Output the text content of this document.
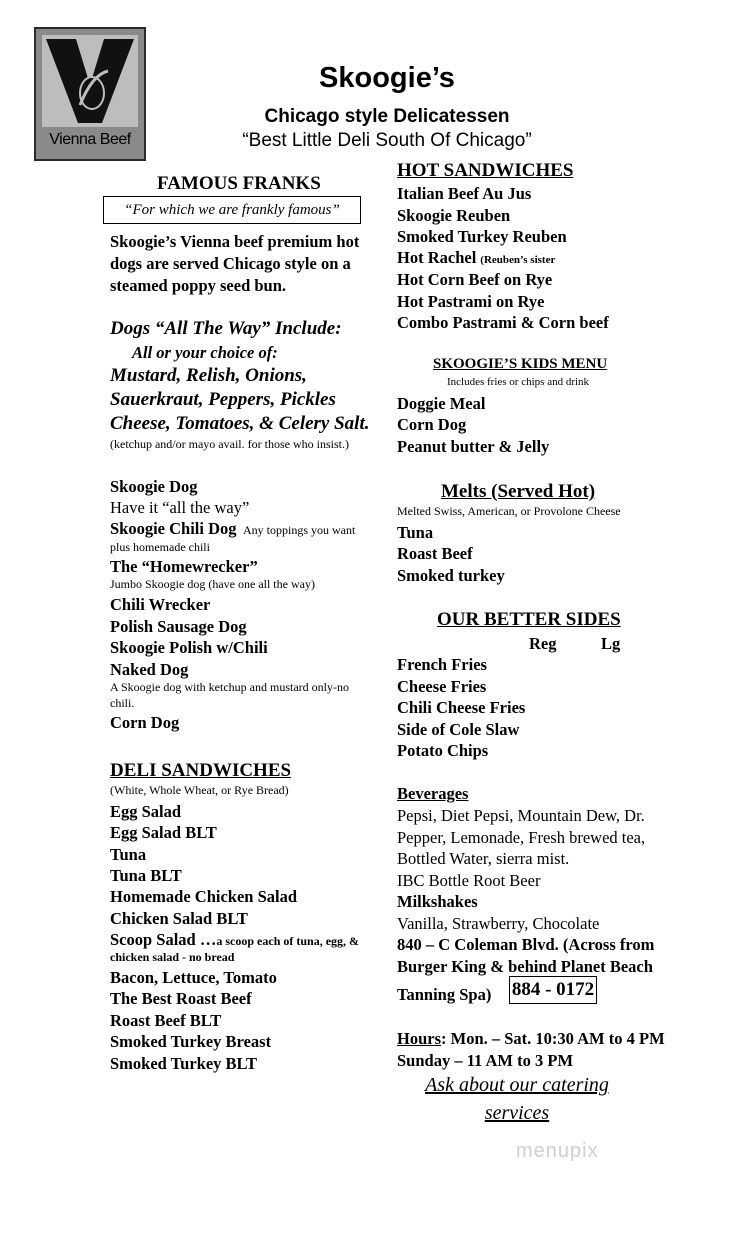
Vienna Beef
Skoogie’s
Chicago style Delicatessen
“Best Little Deli South Of Chicago”
FAMOUS FRANKS
“For which we are frankly famous”
Skoogie’s Vienna beef premium hot
dogs are served Chicago style on a
steamed poppy seed bun.
Dogs “All The Way” Include:
All or your choice of:
Mustard, Relish, Onions,
Sauerkraut, Peppers, Pickles
Cheese, Tomatoes, & Celery Salt.
(ketchup and/or mayo avail. for those who insist.)
Skoogie Dog
Have it “all the way”
Skoogie Chili Dog Any toppings you want
plus homemade chili
The “Homewrecker”
Jumbo Skoogie dog (have one all the way)
Chili Wrecker
Polish Sausage Dog
Skoogie Polish w/Chili
Naked Dog
A Skoogie dog with ketchup and mustard only-no
chili.
Corn Dog
DELI SANDWICHES
(White, Whole Wheat, or Rye Bread)
Egg Salad
Egg Salad BLT
Tuna
Tuna BLT
Homemade Chicken Salad
Chicken Salad BLT
Scoop Salad …a scoop each of tuna, egg, &
chicken salad - no bread
Bacon, Lettuce, Tomato
The Best Roast Beef
Roast Beef BLT
Smoked Turkey Breast
Smoked Turkey BLT
HOT SANDWICHES
Italian Beef Au Jus
Skoogie Reuben
Smoked Turkey Reuben
Hot Rachel (Reuben’s sister
Hot Corn Beef on Rye
Hot Pastrami on Rye
Combo Pastrami & Corn beef
SKOOGIE’S KIDS MENU
Includes fries or chips and drink
Doggie Meal
Corn Dog
Peanut butter & Jelly
Melts (Served Hot)
Melted Swiss, American, or Provolone Cheese
Tuna
Roast Beef
Smoked turkey
OUR BETTER SIDES
Reg	Lg
French Fries
Cheese Fries
Chili Cheese Fries
Side of Cole Slaw
Potato Chips
Beverages
Pepsi, Diet Pepsi, Mountain Dew, Dr.
Pepper, Lemonade, Fresh brewed tea,
Bottled Water, sierra mist.
IBC Bottle Root Beer
Milkshakes
Vanilla, Strawberry, Chocolate
840 – C Coleman Blvd. (Across from
Burger King & behind Planet Beach
Tanning Spa) 884 - 0172
Hours: Mon. – Sat. 10:30 AM to 4 PM
Sunday – 11 AM to 3 PM
Ask about our catering
services
menupix
